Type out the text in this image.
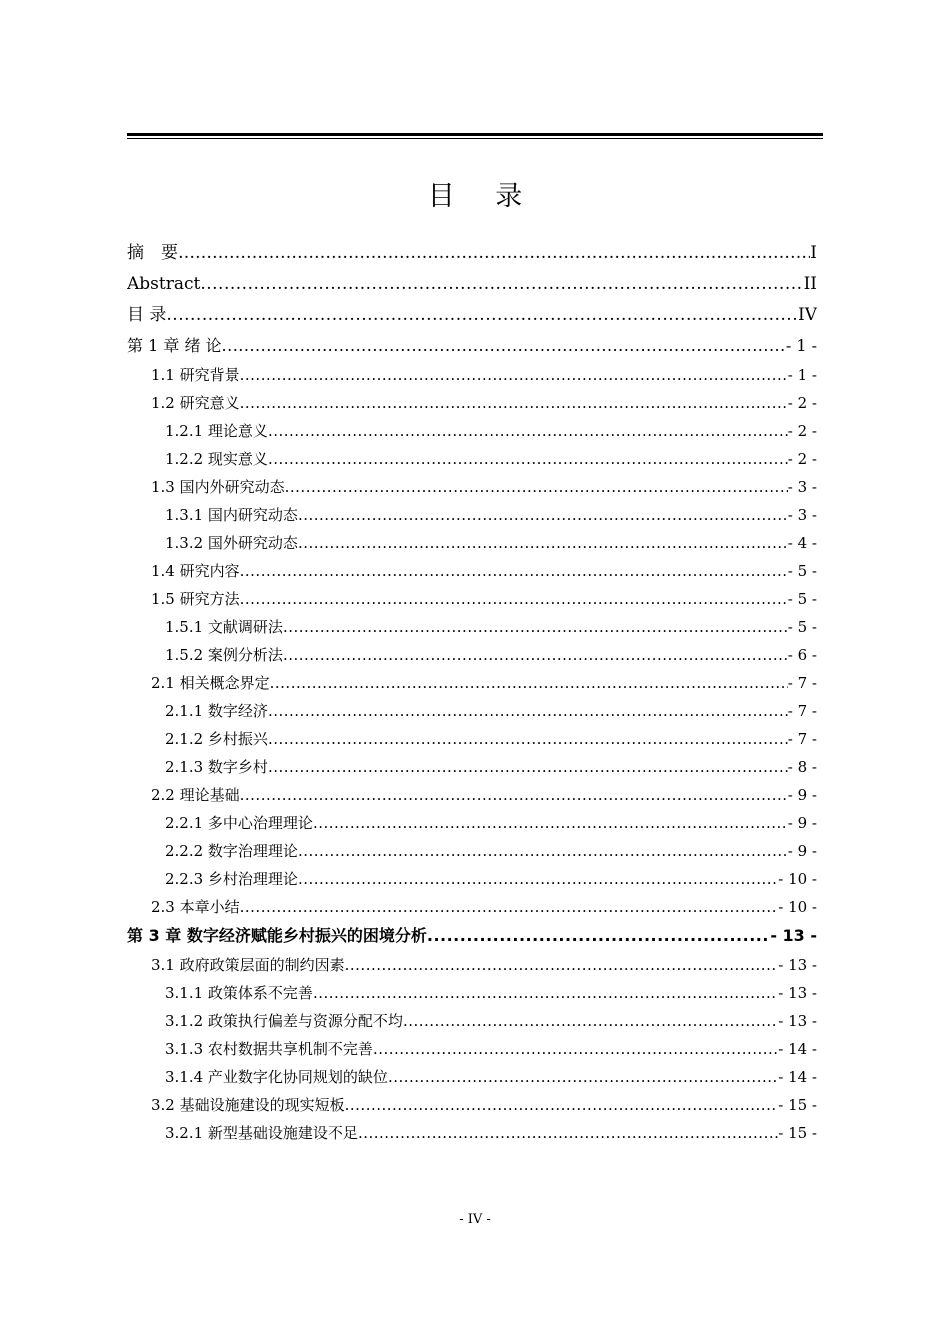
目 录
摘　要 …………………………………………………………………………………………………………………………………………	I
Abstract .....	II
目 录 .....	IV
第 1 章 绪 论 .....	- 1 -
1.1 研究背景 .....	- 1 -
1.2 研究意义 .....	- 2 -
1.2.1 理论意义 .....	- 2 -
1.2.2 现实意义 .....	- 2 -
1.3 国内外研究动态 .....	- 3 -
1.3.1 国内研究动态 .....	- 3 -
1.3.2 国外研究动态 .....	- 4 -
1.4 研究内容 .....	- 5 -
1.5 研究方法 .....	- 5 -
1.5.1 文献调研法 .....	- 5 -
1.5.2 案例分析法 .....	- 6 -
2.1 相关概念界定 .....	- 7 -
2.1.1 数字经济 .....	- 7 -
2.1.2 乡村振兴 .....	- 7 -
2.1.3 数字乡村 .....	- 8 -
2.2 理论基础 .....	- 9 -
2.2.1 多中心治理理论 .....	- 9 -
2.2.2 数字治理理论 .....	- 9 -
2.2.3 乡村治理理论 .....	- 10 -
2.3 本章小结 .....	- 10 -
第 3 章 数字经济赋能乡村振兴的困境分析 .....	- 13 -
3.1 政府政策层面的制约因素 .....	- 13 -
3.1.1 政策体系不完善 .....	- 13 -
3.1.2 政策执行偏差与资源分配不均 .....	- 13 -
3.1.3 农村数据共享机制不完善 .....	- 14 -
3.1.4 产业数字化协同规划的缺位 .....	- 14 -
3.2 基础设施建设的现实短板 .....	- 15 -
3.2.1 新型基础设施建设不足 .....	- 15 -
- IV -
